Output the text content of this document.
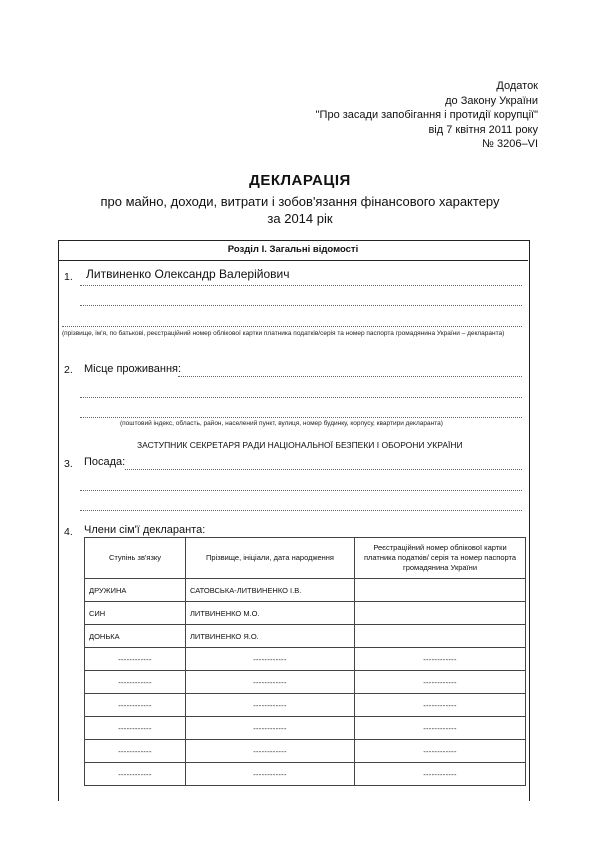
Додаток
до Закону України
"Про засади запобігання і протидії корупції"
від 7 квітня 2011 року
№ 3206–VI
ДЕКЛАРАЦІЯ
про майно, доходи, витрати і зобов'язання фінансового характеру
за 2014 рік
Розділ І. Загальні відомості
1. Литвиненко Олександр Валерійович
(прізвище, ім'я, по батькові, реєстраційний номер облікової картки платника податків/серія та номер паспорта громадянина України – декларанта)
2. Місце проживання:
(поштовий індекс, область, район, населений пункт, вулиця, номер будинку, корпусу, квартири декларанта)
ЗАСТУПНИК СЕКРЕТАРЯ РАДИ НАЦІОНАЛЬНОЇ БЕЗПЕКИ І ОБОРОНИ УКРАЇНИ
3. Посада:
4. Члени сім'ї декларанта:
Ступінь зв'язку	Прізвище, ініціали, дата народження	Реєстраційний номер облікової картки платника податків/ серія та номер паспорта громадянина України
ДРУЖИНА	САТОВСЬКА-ЛИТВИНЕНКО І.В.	
СИН	ЛИТВИНЕНКО М.О.	
ДОНЬКА	ЛИТВИНЕНКО Я.О.	
------------	------------	------------
------------	------------	------------
------------	------------	------------
------------	------------	------------
------------	------------	------------
------------	------------	------------
